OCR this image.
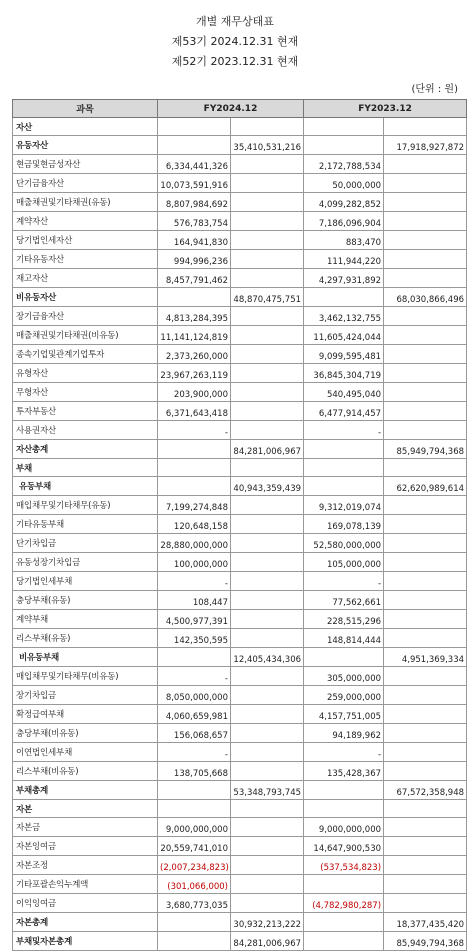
개별 재무상태표
제53기 2024.12.31 현재
제52기 2023.12.31 현재
(단위 : 원)
과목	FY2024.12		FY2023.12	
자산				
유동자산		35,410,531,216		17,918,927,872
현금및현금성자산	6,334,441,326		2,172,788,534	
단기금융자산	10,073,591,916		50,000,000	
매출채권및기타채권(유동)	8,807,984,692		4,099,282,852	
계약자산	576,783,754		7,186,096,904	
당기법인세자산	164,941,830		883,470	
기타유동자산	994,996,236		111,944,220	
재고자산	8,457,791,462		4,297,931,892	
비유동자산		48,870,475,751		68,030,866,496
장기금융자산	4,813,284,395		3,462,132,755	
매출채권및기타채권(비유동)	11,141,124,819		11,605,424,044	
종속기업및관계기업투자	2,373,260,000		9,099,595,481	
유형자산	23,967,263,119		36,845,304,719	
무형자산	203,900,000		540,495,040	
투자부동산	6,371,643,418		6,477,914,457	
사용권자산	-		-	
자산총계		84,281,006,967		85,949,794,368
부채				
유동부채		40,943,359,439		62,620,989,614
매입채무및기타채무(유동)	7,199,274,848		9,312,019,074	
기타유동부채	120,648,158		169,078,139	
단기차입금	28,880,000,000		52,580,000,000	
유동성장기차입금	100,000,000		105,000,000	
당기법인세부채	-		-	
충당부채(유동)	108,447		77,562,661	
계약부채	4,500,977,391		228,515,296	
리스부채(유동)	142,350,595		148,814,444	
비유동부채		12,405,434,306		4,951,369,334
매입채무및기타채무(비유동)	-		305,000,000	
장기차입금	8,050,000,000		259,000,000	
확정급여부채	4,060,659,981		4,157,751,005	
충당부채(비유동)	156,068,657		94,189,962	
이연법인세부채	-		-	
리스부채(비유동)	138,705,668		135,428,367	
부채총계		53,348,793,745		67,572,358,948
자본				
자본금	9,000,000,000		9,000,000,000	
자본잉여금	20,559,741,010		14,647,900,530	
자본조정	(2,007,234,823)		(537,534,823)	
기타포괄손익누계액	(301,066,000)			
이익잉여금	3,680,773,035		(4,782,980,287)	
자본총계		30,932,213,222		18,377,435,420
부채및자본총계		84,281,006,967		85,949,794,368
